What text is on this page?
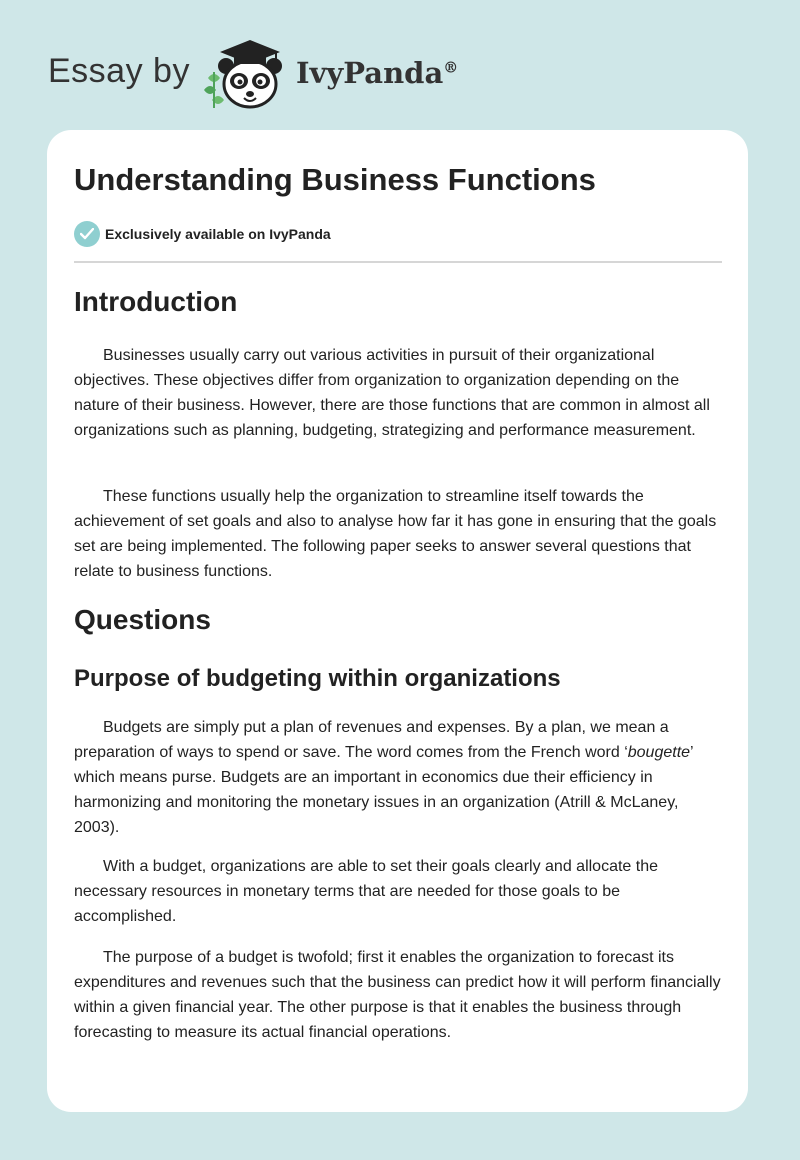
Essay by	IvyPanda®
Understanding Business Functions
Exclusively available on IvyPanda
Introduction

Businesses usually carry out various activities in pursuit of their organizational objectives. These objectives differ from organization to organization depending on the nature of their business. However, there are those functions that are common in almost all organizations such as planning, budgeting, strategizing and performance measurement.

These functions usually help the organization to streamline itself towards the achievement of set goals and also to analyse how far it has gone in ensuring that the goals set are being implemented. The following paper seeks to answer several questions that relate to business functions.

Questions
Purpose of budgeting within organizations

Budgets are simply put a plan of revenues and expenses. By a plan, we mean a preparation of ways to spend or save. The word comes from the French word ‘bougette’ which means purse. Budgets are an important in economics due their efficiency in harmonizing and monitoring the monetary issues in an organization (Atrill & McLaney, 2003).

With a budget, organizations are able to set their goals clearly and allocate the necessary resources in monetary terms that are needed for those goals to be accomplished.

The purpose of a budget is twofold; first it enables the organization to forecast its expenditures and revenues such that the business can predict how it will perform financially within a given financial year. The other purpose is that it enables the business through forecasting to measure its actual financial operations.
